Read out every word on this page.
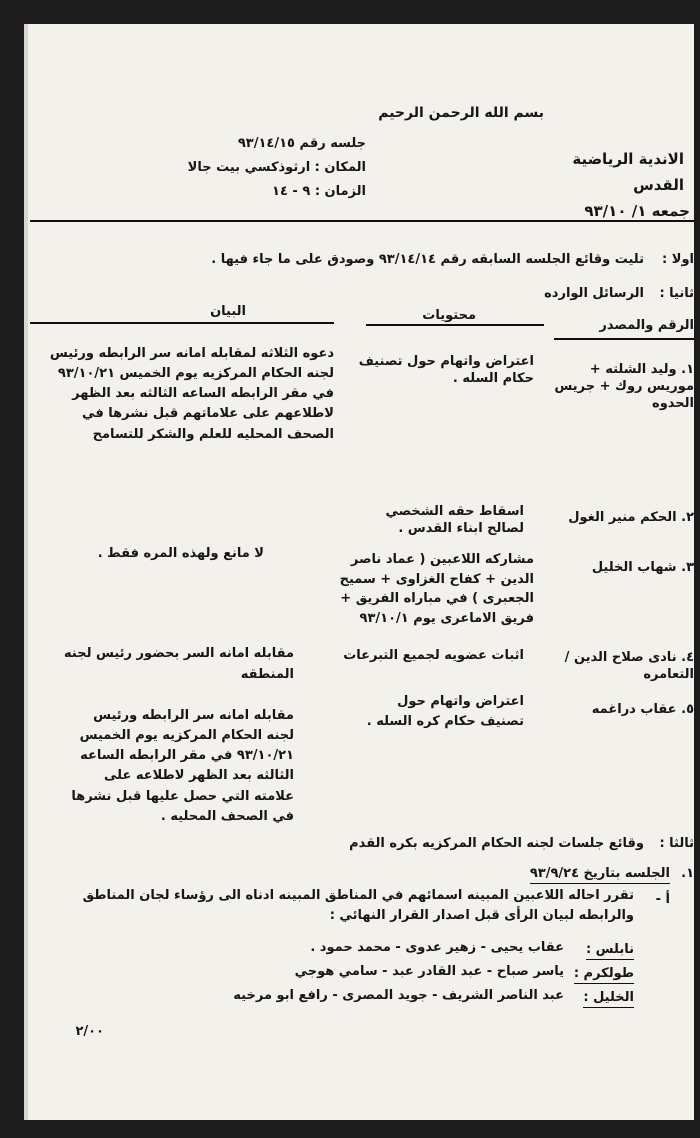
بسم الله الرحمن الرحيم
جلسه رقم ٩٣/١٤/١٥
المكان : ارثوذكسي بيت جالا
الزمان : ٩ - ١٤
الاندية الرياضية
القدس
جمعه ١/ ٩٣/١٠
اولا :
تليت وقائع الجلسه السابقه رقم ٩٣/١٤/١٤ وصودق على ما جاء فيها .
ثانيا :
الرسائل الوارده
الرقم والمصدر
محتويات
البيان
١. وليد الشلته + موريس روك + جريس الحدوه
اعتراض واتهام حول تصنيف حكام السله .
دعوه الثلاثه لمقابله امانه سر الرابطه ورئيس لجنه الحكام المركزيه يوم الخميس ٩٣/١٠/٢١ في مقر الرابطه الساعه الثالثه بعد الظهر لاطلاعهم على علاماتهم قبل نشرها في الصحف المحليه للعلم والشكر للتسامح
٢. الحكم منير الغول
اسقاط حقه الشخصي لصالح ابناء القدس .
٣. شهاب الخليل
مشاركه اللاعبين ( عماد ناصر الدين + كفاح الغزاوى + سميح الجعبرى ) في مباراه الفريق + فريق الاماعرى يوم ٩٣/١٠/١
لا مانع ولهذه المره فقط .
٤. نادى صلاح الدين / التعامره
اثبات عضويه لجميع التبرعات
مقابله امانه السر بحضور رئيس لجنه المنطقه
٥. عقاب دراغمه
اعتراض واتهام حول تصنيف حكام كره السله .
مقابله امانه سر الرابطه ورئيس لجنه الحكام المركزيه يوم الخميس ٩٣/١٠/٢١ في مقر الرابطه الساعه الثالثه بعد الظهر لاطلاعه على علامته التي حصل عليها قبل نشرها في الصحف المحليه .
ثالثا :
وقائع جلسات لجنه الحكام المركزيه بكره القدم
١.
الجلسه بتاريخ ٩٣/٩/٢٤
أ -
تقرر احاله اللاعبين المبينه اسمائهم في المناطق المبينه ادناه الى رؤساء لجان المناطق والرابطه لبيان الرأى قبل اصدار القرار النهائي :
نابلس :
عقاب يحيى - زهير عدوى - محمد حمود .
طولكرم :
ياسر صباح - عبد القادر عبد - سامي هوجي
الخليل :
عبد الناصر الشريف - جويد المصرى - رافع ابو مرخيه
٢/٠٠
